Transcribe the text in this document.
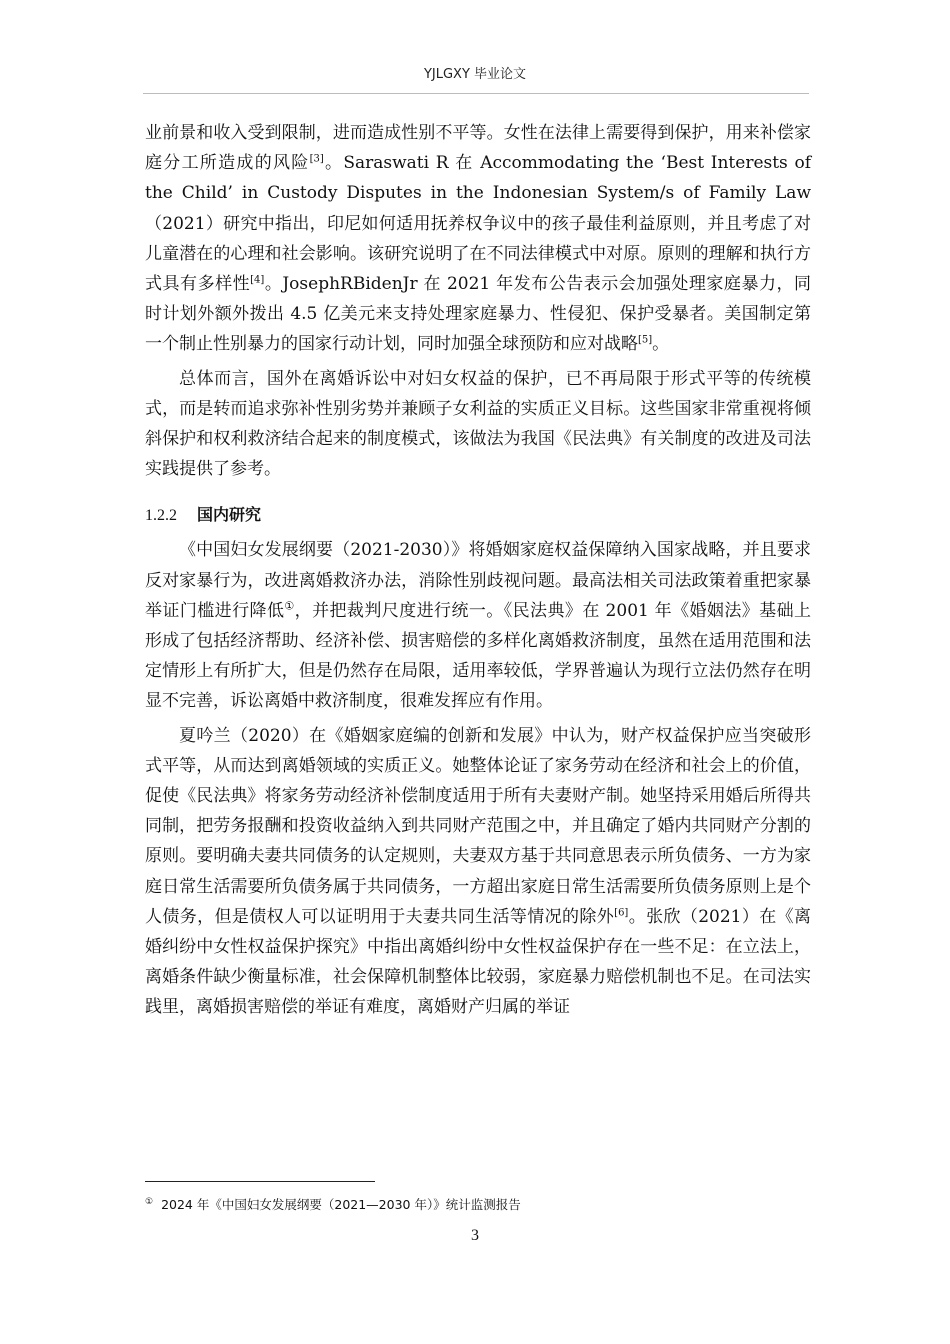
YJLGXY 毕业论文

业前景和收入受到限制，进而造成性别不平等。女性在法律上需要得到保护，用来补偿家庭分工所造成的风险[3]。Saraswati R 在 Accommodating the ‘Best Interests of the Child’ in Custody Disputes in the Indonesian System/s of Family Law（2021）研究中指出，印尼如何适用抚养权争议中的孩子最佳利益原则，并且考虑了对儿童潜在的心理和社会影响。该研究说明了在不同法律模式中对原。原则的理解和执行方式具有多样性[4]。JosephRBidenJr 在 2021 年发布公告表示会加强处理家庭暴力，同时计划外额外拨出 4.5 亿美元来支持处理家庭暴力、性侵犯、保护受暴者。美国制定第一个制止性别暴力的国家行动计划，同时加强全球预防和应对战略[5]。

总体而言，国外在离婚诉讼中对妇女权益的保护，已不再局限于形式平等的传统模式，而是转而追求弥补性别劣势并兼顾子女利益的实质正义目标。这些国家非常重视将倾斜保护和权利救济结合起来的制度模式，该做法为我国《民法典》有关制度的改进及司法实践提供了参考。

1.2.2 国内研究

《中国妇女发展纲要（2021-2030）》将婚姻家庭权益保障纳入国家战略，并且要求反对家暴行为，改进离婚救济办法，消除性别歧视问题。最高法相关司法政策着重把家暴举证门槛进行降低①，并把裁判尺度进行统一。《民法典》在 2001 年《婚姻法》基础上形成了包括经济帮助、经济补偿、损害赔偿的多样化离婚救济制度，虽然在适用范围和法定情形上有所扩大，但是仍然存在局限，适用率较低，学界普遍认为现行立法仍然存在明显不完善，诉讼离婚中救济制度，很难发挥应有作用。

夏吟兰（2020）在《婚姻家庭编的创新和发展》中认为，财产权益保护应当突破形式平等，从而达到离婚领域的实质正义。她整体论证了家务劳动在经济和社会上的价值，促使《民法典》将家务劳动经济补偿制度适用于所有夫妻财产制。她坚持采用婚后所得共同制，把劳务报酬和投资收益纳入到共同财产范围之中，并且确定了婚内共同财产分割的原则。要明确夫妻共同债务的认定规则，夫妻双方基于共同意思表示所负债务、一方为家庭日常生活需要所负债务属于共同债务，一方超出家庭日常生活需要所负债务原则上是个人债务，但是债权人可以证明用于夫妻共同生活等情况的除外[6]。张欣（2021）在《离婚纠纷中女性权益保护探究》中指出离婚纠纷中女性权益保护存在一些不足：在立法上，离婚条件缺少衡量标准，社会保障机制整体比较弱，家庭暴力赔偿机制也不足。在司法实践里，离婚损害赔偿的举证有难度，离婚财产归属的举证

① 2024 年《中国妇女发展纲要（2021—2030 年）》统计监测报告
3
